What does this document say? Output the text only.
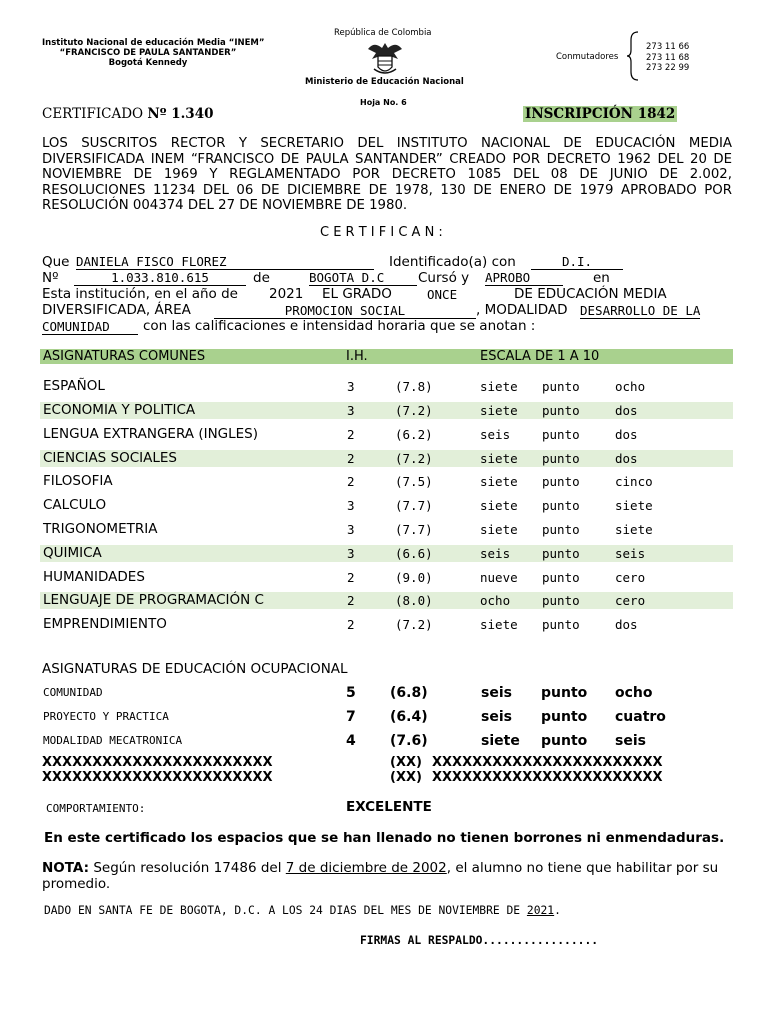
Instituto Nacional de educación Media “INEM”
“FRANCISCO DE PAULA SANTANDER”
Bogotá Kennedy
República de Colombia
Ministerio de Educación Nacional
Hoja No. 6
Conmutadores
273 11 66
273 11 68
273 22 99
CERTIFICADO Nº 1.340	INSCRIPCIÓN 1842
LOS SUSCRITOS RECTOR Y SECRETARIO DEL INSTITUTO NACIONAL DE EDUCACIÓN MEDIA DIVERSIFICADA INEM “FRANCISCO DE PAULA SANTANDER” CREADO POR DECRETO 1962 DEL 20 DE NOVIEMBRE DE 1969 Y REGLAMENTADO POR DECRETO 1085 DEL 08 DE JUNIO DE 2.002, RESOLUCIONES 11234 DEL 06 DE DICIEMBRE DE 1978, 130 DE ENERO DE 1979 APROBADO POR RESOLUCIÓN 004374 DEL 27 DE NOVIEMBRE DE 1980.
C E R T I F I C A N :
Que DANIELA FISCO FLOREZ	Identificado(a) con	D.I.
Nº	1.033.810.615	de	BOGOTA D.C	Cursó y APROBO	en
Esta institución, en el año de 2021 EL GRADO	ONCE	DE EDUCACIÓN MEDIA
DIVERSIFICADA, ÁREA	PROMOCION SOCIAL	, MODALIDAD DESARROLLO DE LA
COMUNIDAD	con las calificaciones e intensidad horaria que se anotan :
ASIGNATURAS COMUNES	I.H.	ESCALA DE 1 A 10
ESPAÑOL	3	(7.8)	siete punto	ocho
ECONOMIA Y POLITICA	3	(7.2)	siete punto	dos
LENGUA EXTRANGERA (INGLES)	2	(6.2)	seis	punto	dos
CIENCIAS SOCIALES	2	(7.2)	siete punto	dos
FILOSOFIA	2	(7.5)	siete punto	cinco
CALCULO	3	(7.7)	siete punto	siete
TRIGONOMETRIA	3	(7.7)	siete punto	siete
QUIMICA	3	(6.6)	seis	punto	seis
HUMANIDADES	2	(9.0)	nueve punto	cero
LENGUAJE DE PROGRAMACIÓN C	2	(8.0)	ocho	punto	cero
EMPRENDIMIENTO	2	(7.2)	siete punto	dos
ASIGNATURAS DE EDUCACIÓN OCUPACIONAL
COMUNIDAD	5 (6.8)	seis punto ocho
PROYECTO Y PRACTICA	7 (6.4)	seis punto cuatro
MODALIDAD MECATRONICA	4 (7.6)	siete punto seis
XXXXXXXXXXXXXXXXXXXXXXX	(XX) XXXXXXXXXXXXXXXXXXXXXXX
XXXXXXXXXXXXXXXXXXXXXXX	(XX) XXXXXXXXXXXXXXXXXXXXXXX
COMPORTAMIENTO:	EXCELENTE
En este certificado los espacios que se han llenado no tienen borrones ni enmendaduras.
NOTA: Según resolución 17486 del 7 de diciembre de 2002, el alumno no tiene que habilitar por su
promedio.
DADO EN SANTA FE DE BOGOTA, D.C. A LOS 24 DIAS DEL MES DE NOVIEMBRE DE 2021.
FIRMAS AL RESPALDO.................
